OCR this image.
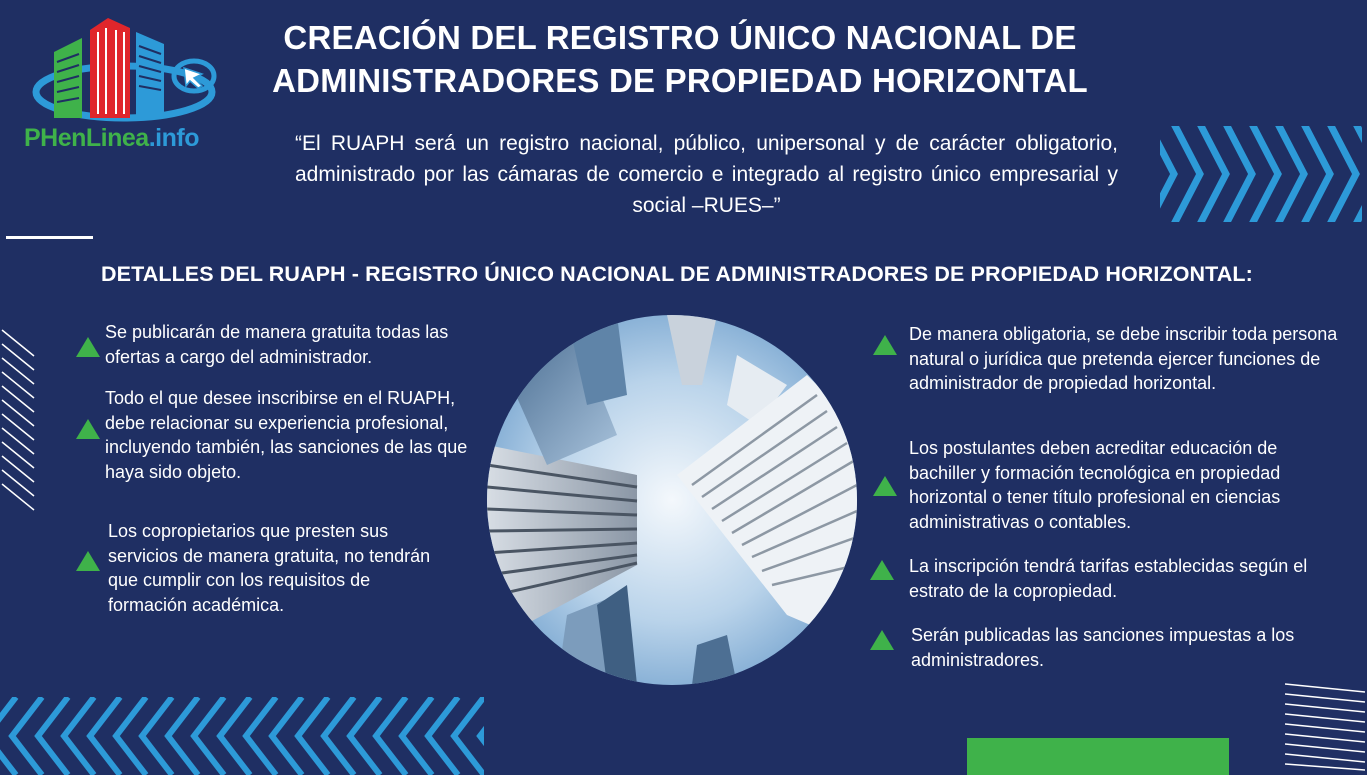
PHenLinea.info
CREACIÓN DEL REGISTRO ÚNICO NACIONAL DE
ADMINISTRADORES DE PROPIEDAD HORIZONTAL
“El RUAPH será un registro nacional, público, unipersonal y de carácter obligatorio, administrado por las cámaras de comercio e integrado al registro único empresarial y social –RUES–”
DETALLES DEL RUAPH - REGISTRO ÚNICO NACIONAL DE ADMINISTRADORES DE PROPIEDAD HORIZONTAL:
Se publicarán de manera gratuita todas las ofertas a cargo del administrador.
Todo el que desee inscribirse en el RUAPH, debe relacionar su experiencia profesional, incluyendo también, las sanciones de las que haya sido objeto.
Los copropietarios que presten sus servicios de manera gratuita, no tendrán que cumplir con los requisitos de formación académica.
De manera obligatoria, se debe inscribir toda persona natural o jurídica que pretenda ejercer funciones de administrador de propiedad horizontal.
Los postulantes deben acreditar educación de bachiller y formación tecnológica en propiedad horizontal o tener título profesional en ciencias administrativas o contables.
La inscripción tendrá tarifas establecidas según el estrato de la copropiedad.
Serán publicadas las sanciones impuestas a los administradores.
